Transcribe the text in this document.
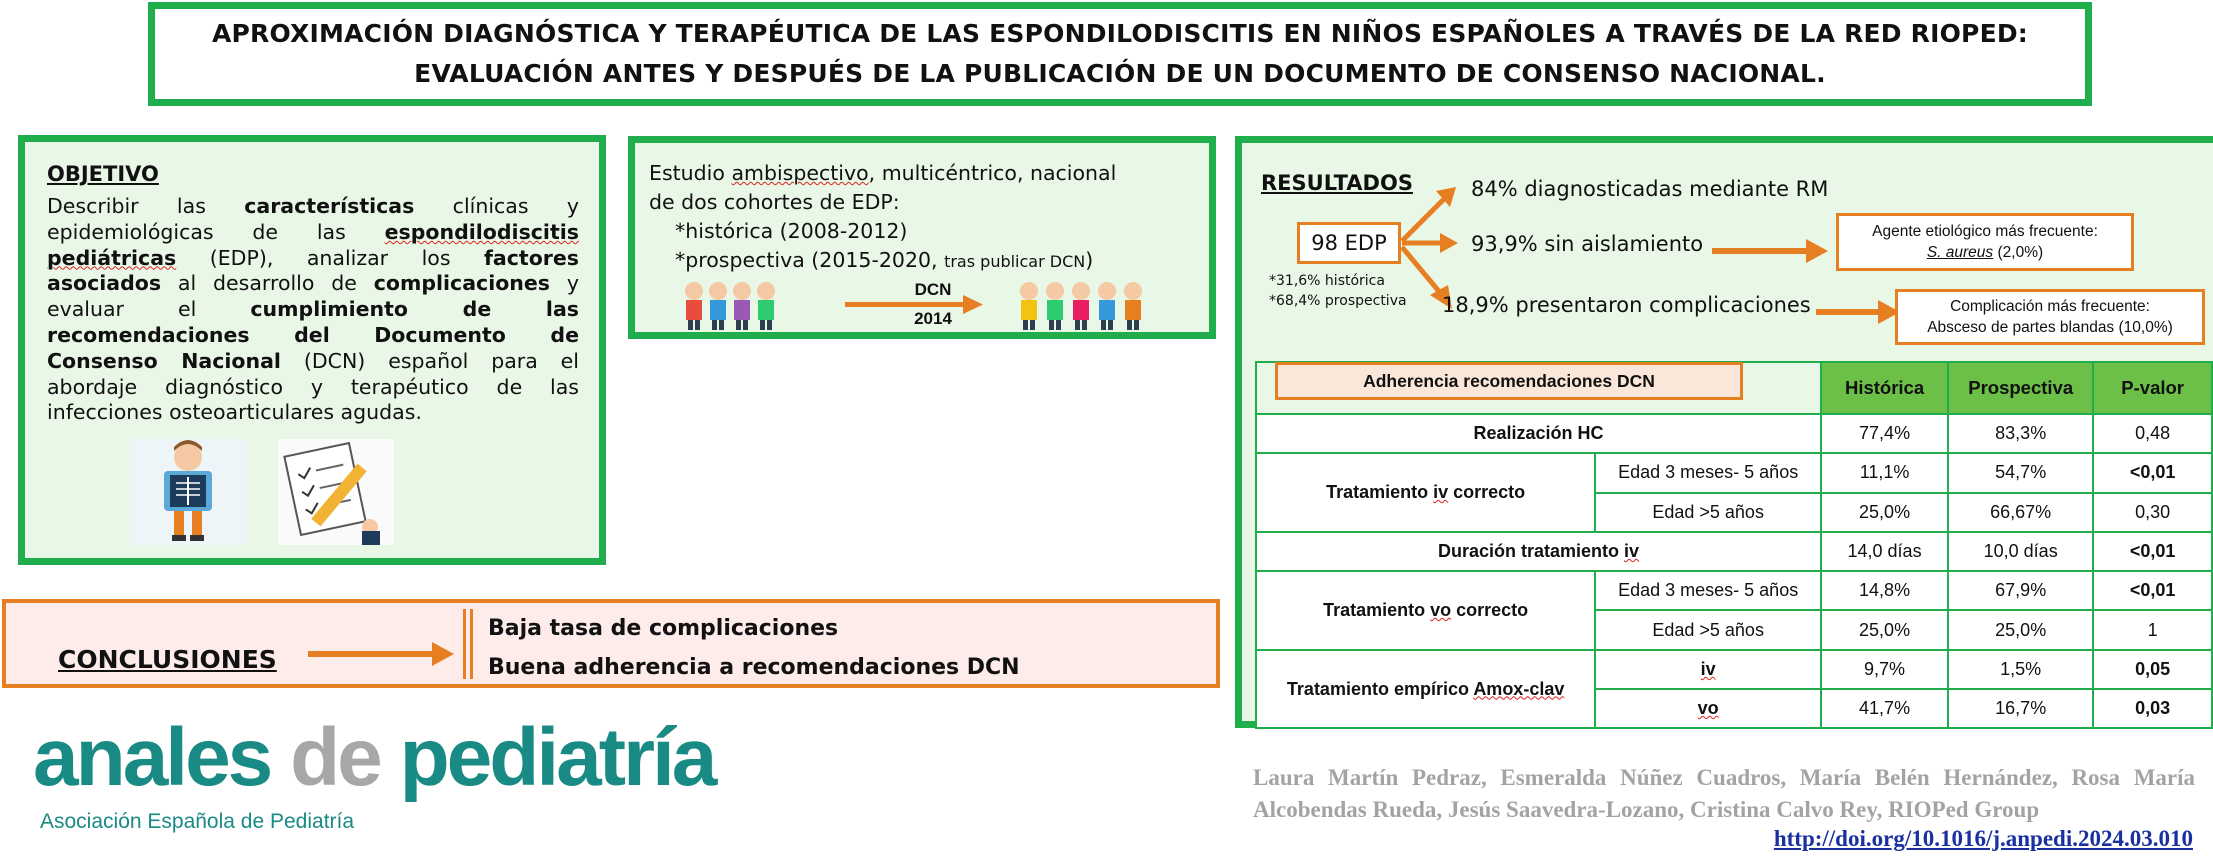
APROXIMACIÓN DIAGNÓSTICA Y TERAPÉUTICA DE LAS ESPONDILODISCITIS EN NIÑOS ESPAÑOLES A TRAVÉS DE LA RED RIOPED:
EVALUACIÓN ANTES Y DESPUÉS DE LA PUBLICACIÓN DE UN DOCUMENTO DE CONSENSO NACIONAL.
OBJETIVO
Describir las características clínicas y epidemiológicas de las espondilodiscitis pediátricas (EDP), analizar los factores asociados al desarrollo de complicaciones y evaluar el cumplimiento de las recomendaciones del Documento de Consenso Nacional (DCN) español para el abordaje diagnóstico y terapéutico de las infecciones osteoarticulares agudas.
Estudio ambispectivo, multicéntrico, nacional
de dos cohortes de EDP:
*histórica (2008-2012)
*prospectiva (2015-2020, tras publicar DCN)
DCN
2014
RESULTADOS
98 EDP
*31,6% histórica
*68,4% prospectiva
84% diagnosticadas mediante RM
93,9% sin aislamiento
18,9% presentaron complicaciones
Agente etiológico más frecuente:
S. aureus (2,0%)
Complicación más frecuente:
Absceso de partes blandas (10,0%)
Adherencia recomendaciones DCN		Histórica	Prospectiva	P-valor
Realización HC		77,4%	83,3%	0,48
Tratamiento iv correcto	Edad 3 meses- 5 años	11,1%	54,7%	<0,01
	Edad >5 años	25,0%	66,67%	0,30
Duración tratamiento iv		14,0 días	10,0 días	<0,01
Tratamiento vo correcto	Edad 3 meses- 5 años	14,8%	67,9%	<0,01
	Edad >5 años	25,0%	25,0%	1
Tratamiento empírico Amox-clav	iv	9,7%	1,5%	0,05
	vo	41,7%	16,7%	0,03
CONCLUSIONES
Baja tasa de complicaciones
Buena adherencia a recomendaciones DCN
anales de pediatría
Asociación Española de Pediatría
Laura Martín Pedraz, Esmeralda Núñez Cuadros, María Belén Hernández, Rosa María Alcobendas Rueda, Jesús Saavedra-Lozano, Cristina Calvo Rey, RIOPed Group
http://doi.org/10.1016/j.anpedi.2024.03.010
